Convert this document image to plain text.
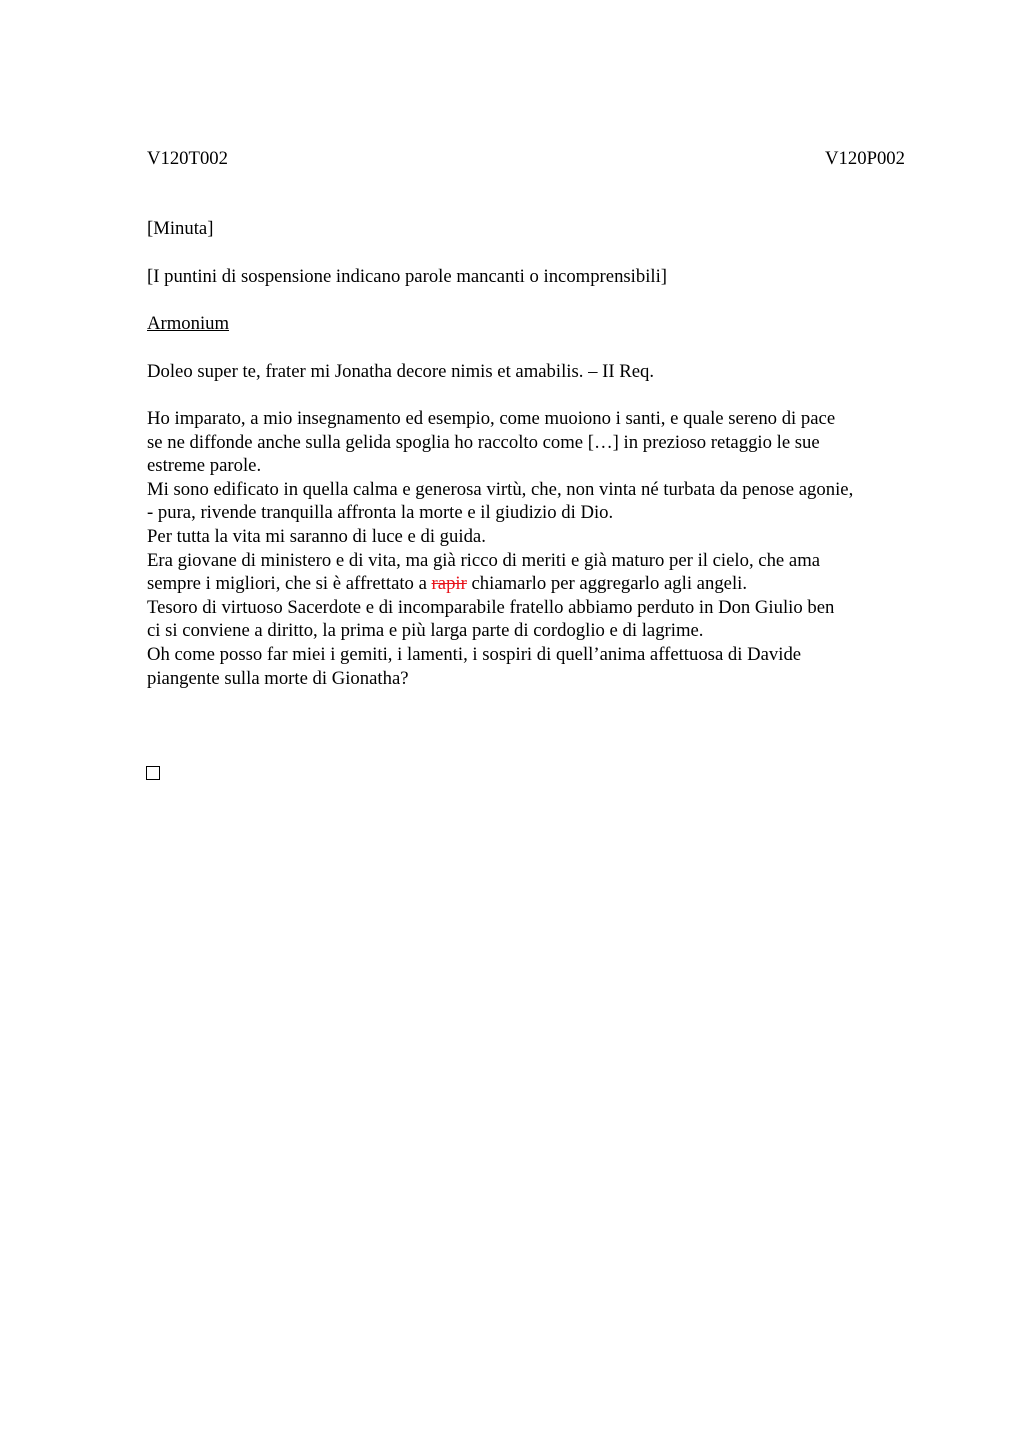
V120T002	V120P002
[Minuta]
[I puntini di sospensione indicano parole mancanti o incomprensibili]
Armonium
Doleo super te, frater mi Jonatha decore nimis et amabilis. – II Req.
Ho imparato, a mio insegnamento ed esempio, come muoiono i santi, e quale sereno di pace
se ne diffonde anche sulla gelida spoglia ho raccolto come […] in prezioso retaggio le sue
estreme parole.
Mi sono edificato in quella calma e generosa virtù, che, non vinta né turbata da penose agonie,
- pura, rivende tranquilla affronta la morte e il giudizio di Dio.
Per tutta la vita mi saranno di luce e di guida.
Era giovane di ministero e di vita, ma già ricco di meriti e già maturo per il cielo, che ama
sempre i migliori, che si è affrettato a rapir chiamarlo per aggregarlo agli angeli.
Tesoro di virtuoso Sacerdote e di incomparabile fratello abbiamo perduto in Don Giulio ben
ci si conviene a diritto, la prima e più larga parte di cordoglio e di lagrime.
Oh come posso far miei i gemiti, i lamenti, i sospiri di quell’anima affettuosa di Davide
piangente sulla morte di Gionatha?
